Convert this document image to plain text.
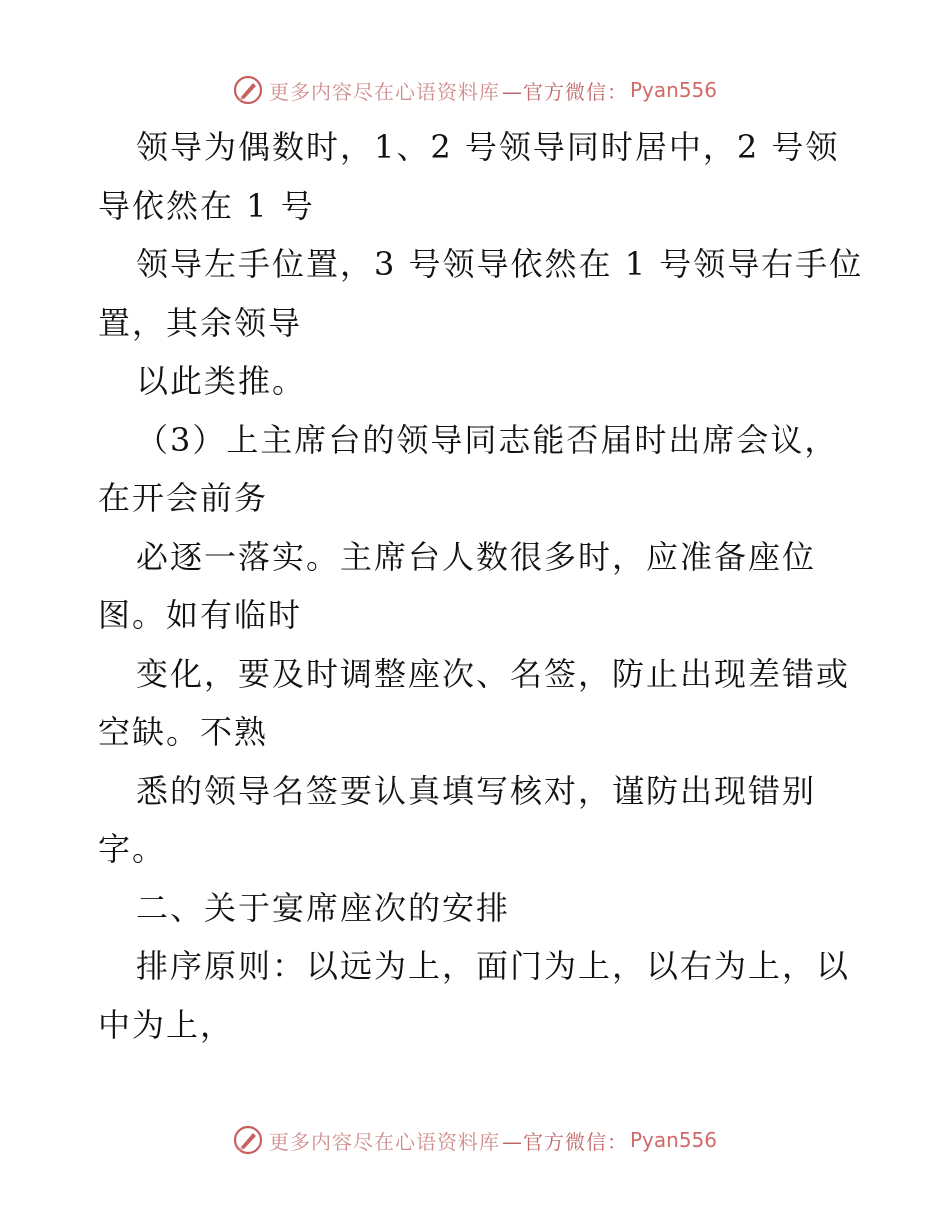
更多内容尽在心语资料库 —官方微信： Pyan556
领导为偶数时，1、2 号领导同时居中，2 号领
导依然在 1 号
领导左手位置，3 号领导依然在 1 号领导右手位
置，其余领导
以此类推。
（3）上主席台的领导同志能否届时出席会议，
在开会前务
必逐一落实。主席台人数很多时，应准备座位
图。如有临时
变化，要及时调整座次、名签，防止出现差错或
空缺。不熟
悉的领导名签要认真填写核对，谨防出现错别
字。
二、关于宴席座次的安排
排序原则：以远为上，面门为上，以右为上，以
中为上，
更多内容尽在心语资料库 —官方微信： Pyan556
